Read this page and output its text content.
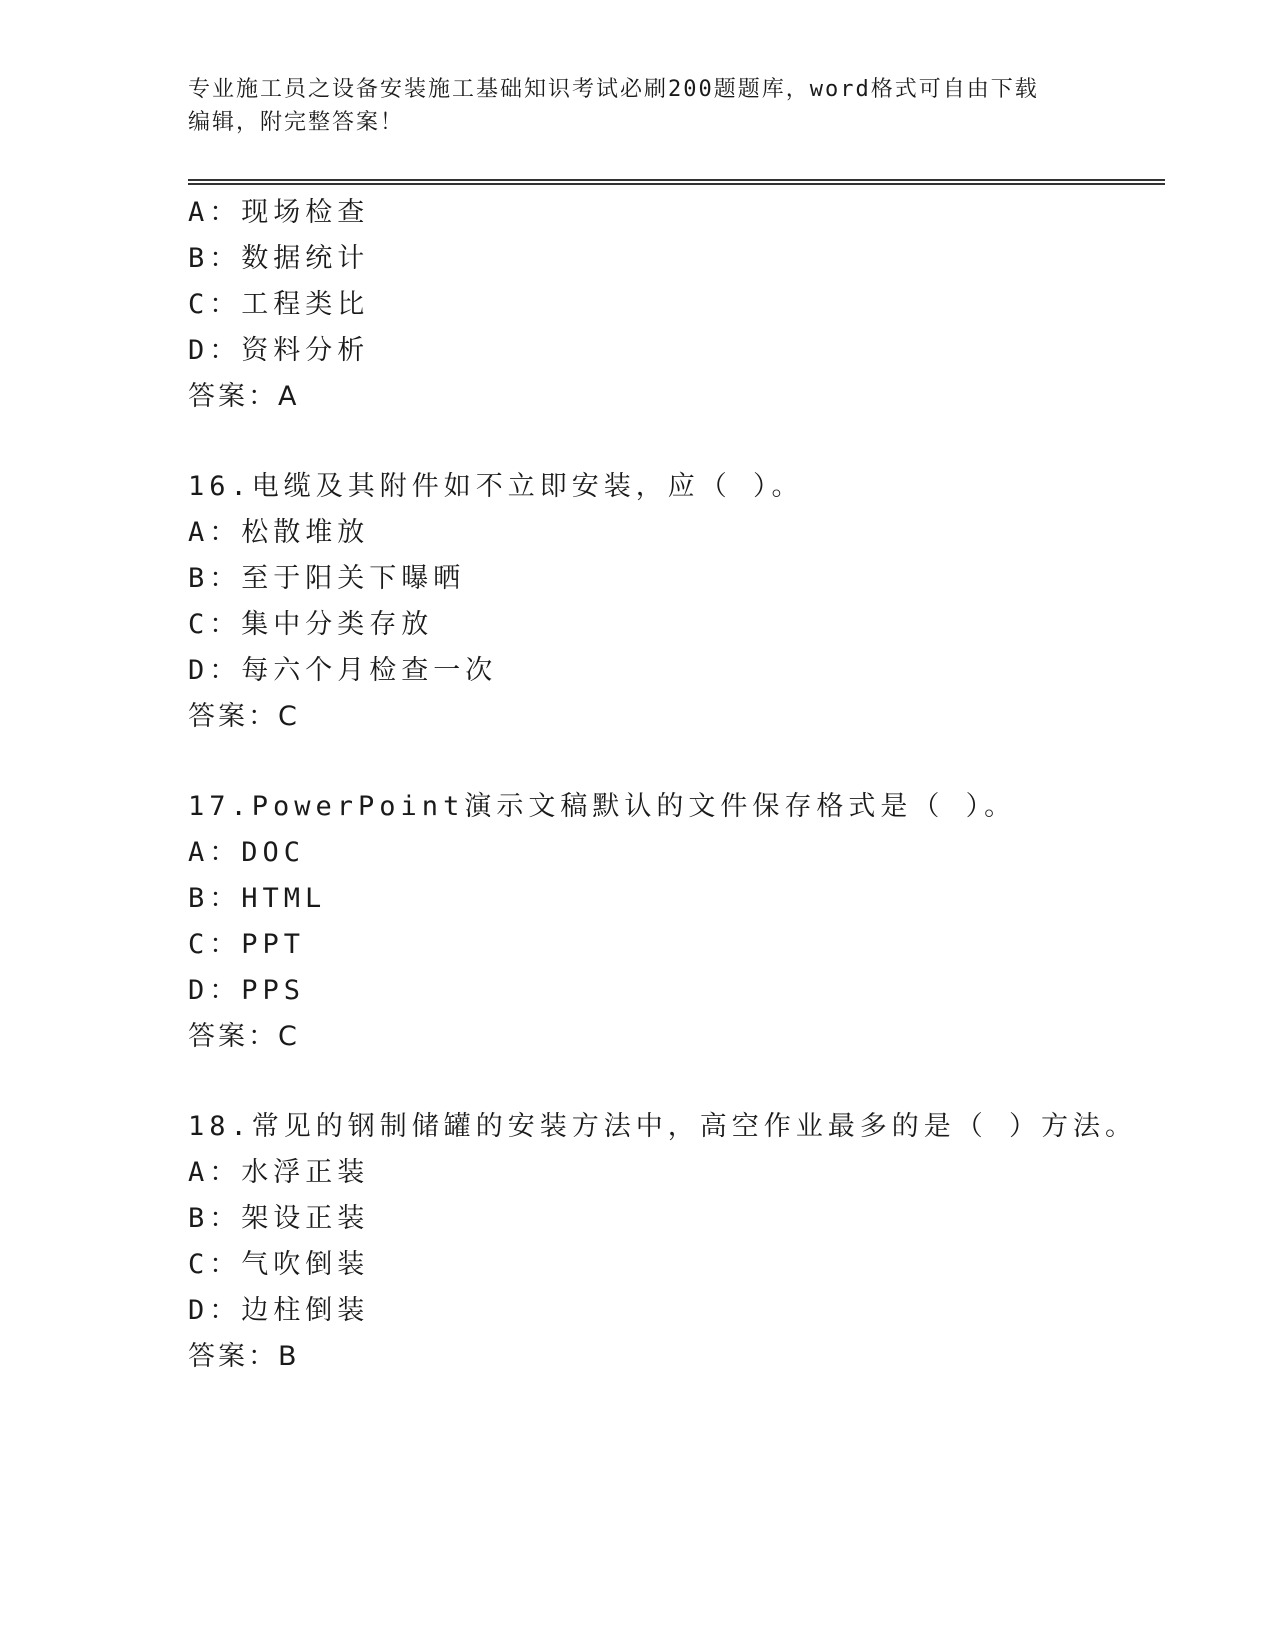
专业施工员之设备安装施工基础知识考试必刷200题题库，word格式可自由下载
编辑，附完整答案！
A：现场检查
B：数据统计
C：工程类比
D：资料分析
答案：A
16.电缆及其附件如不立即安装，应（ ）。
A：松散堆放
B：至于阳关下曝晒
C：集中分类存放
D：每六个月检查一次
答案：C
17.PowerPoint演示文稿默认的文件保存格式是（ ）。
A：DOC
B：HTML
C：PPT
D：PPS
答案：C
18.常见的钢制储罐的安装方法中，高空作业最多的是（ ）方法。
A：水浮正装
B：架设正装
C：气吹倒装
D：边柱倒装
答案：B
